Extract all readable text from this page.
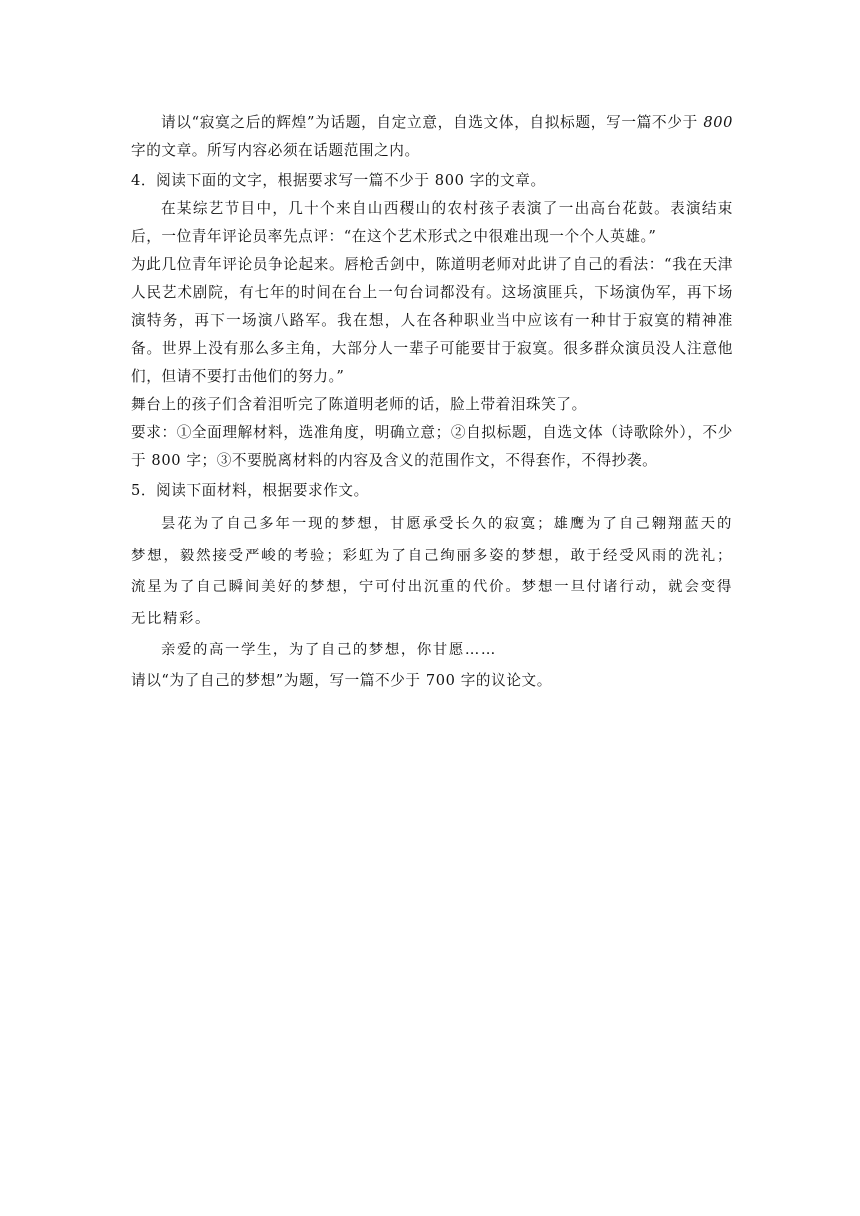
请以“寂寞之后的辉煌”为话题，自定立意，自选文体，自拟标题，写一篇不少于 800 字的文章。所写内容必须在话题范围之内。

4．阅读下面的文字，根据要求写一篇不少于 800 字的文章。

在某综艺节目中，几十个来自山西稷山的农村孩子表演了一出高台花鼓。表演结束后，一位青年评论员率先点评：“在这个艺术形式之中很难出现一个个人英雄。”

为此几位青年评论员争论起来。唇枪舌剑中，陈道明老师对此讲了自己的看法：“我在天津人民艺术剧院，有七年的时间在台上一句台词都没有。这场演匪兵，下场演伪军，再下场演特务，再下一场演八路军。我在想，人在各种职业当中应该有一种甘于寂寞的精神准备。世界上没有那么多主角，大部分人一辈子可能要甘于寂寞。很多群众演员没人注意他们，但请不要打击他们的努力。”

舞台上的孩子们含着泪听完了陈道明老师的话，脸上带着泪珠笑了。

要求：①全面理解材料，选准角度，明确立意；②自拟标题，自选文体（诗歌除外），不少于 800 字；③不要脱离材料的内容及含义的范围作文，不得套作，不得抄袭。

5．阅读下面材料，根据要求作文。

昙花为了自己多年一现的梦想，甘愿承受长久的寂寞；雄鹰为了自己翱翔蓝天的梦想，毅然接受严峻的考验；彩虹为了自己绚丽多姿的梦想，敢于经受风雨的洗礼；流星为了自己瞬间美好的梦想，宁可付出沉重的代价。梦想一旦付诸行动，就会变得无比精彩。

亲爱的高一学生，为了自己的梦想，你甘愿……

请以“为了自己的梦想”为题，写一篇不少于 700 字的议论文。
